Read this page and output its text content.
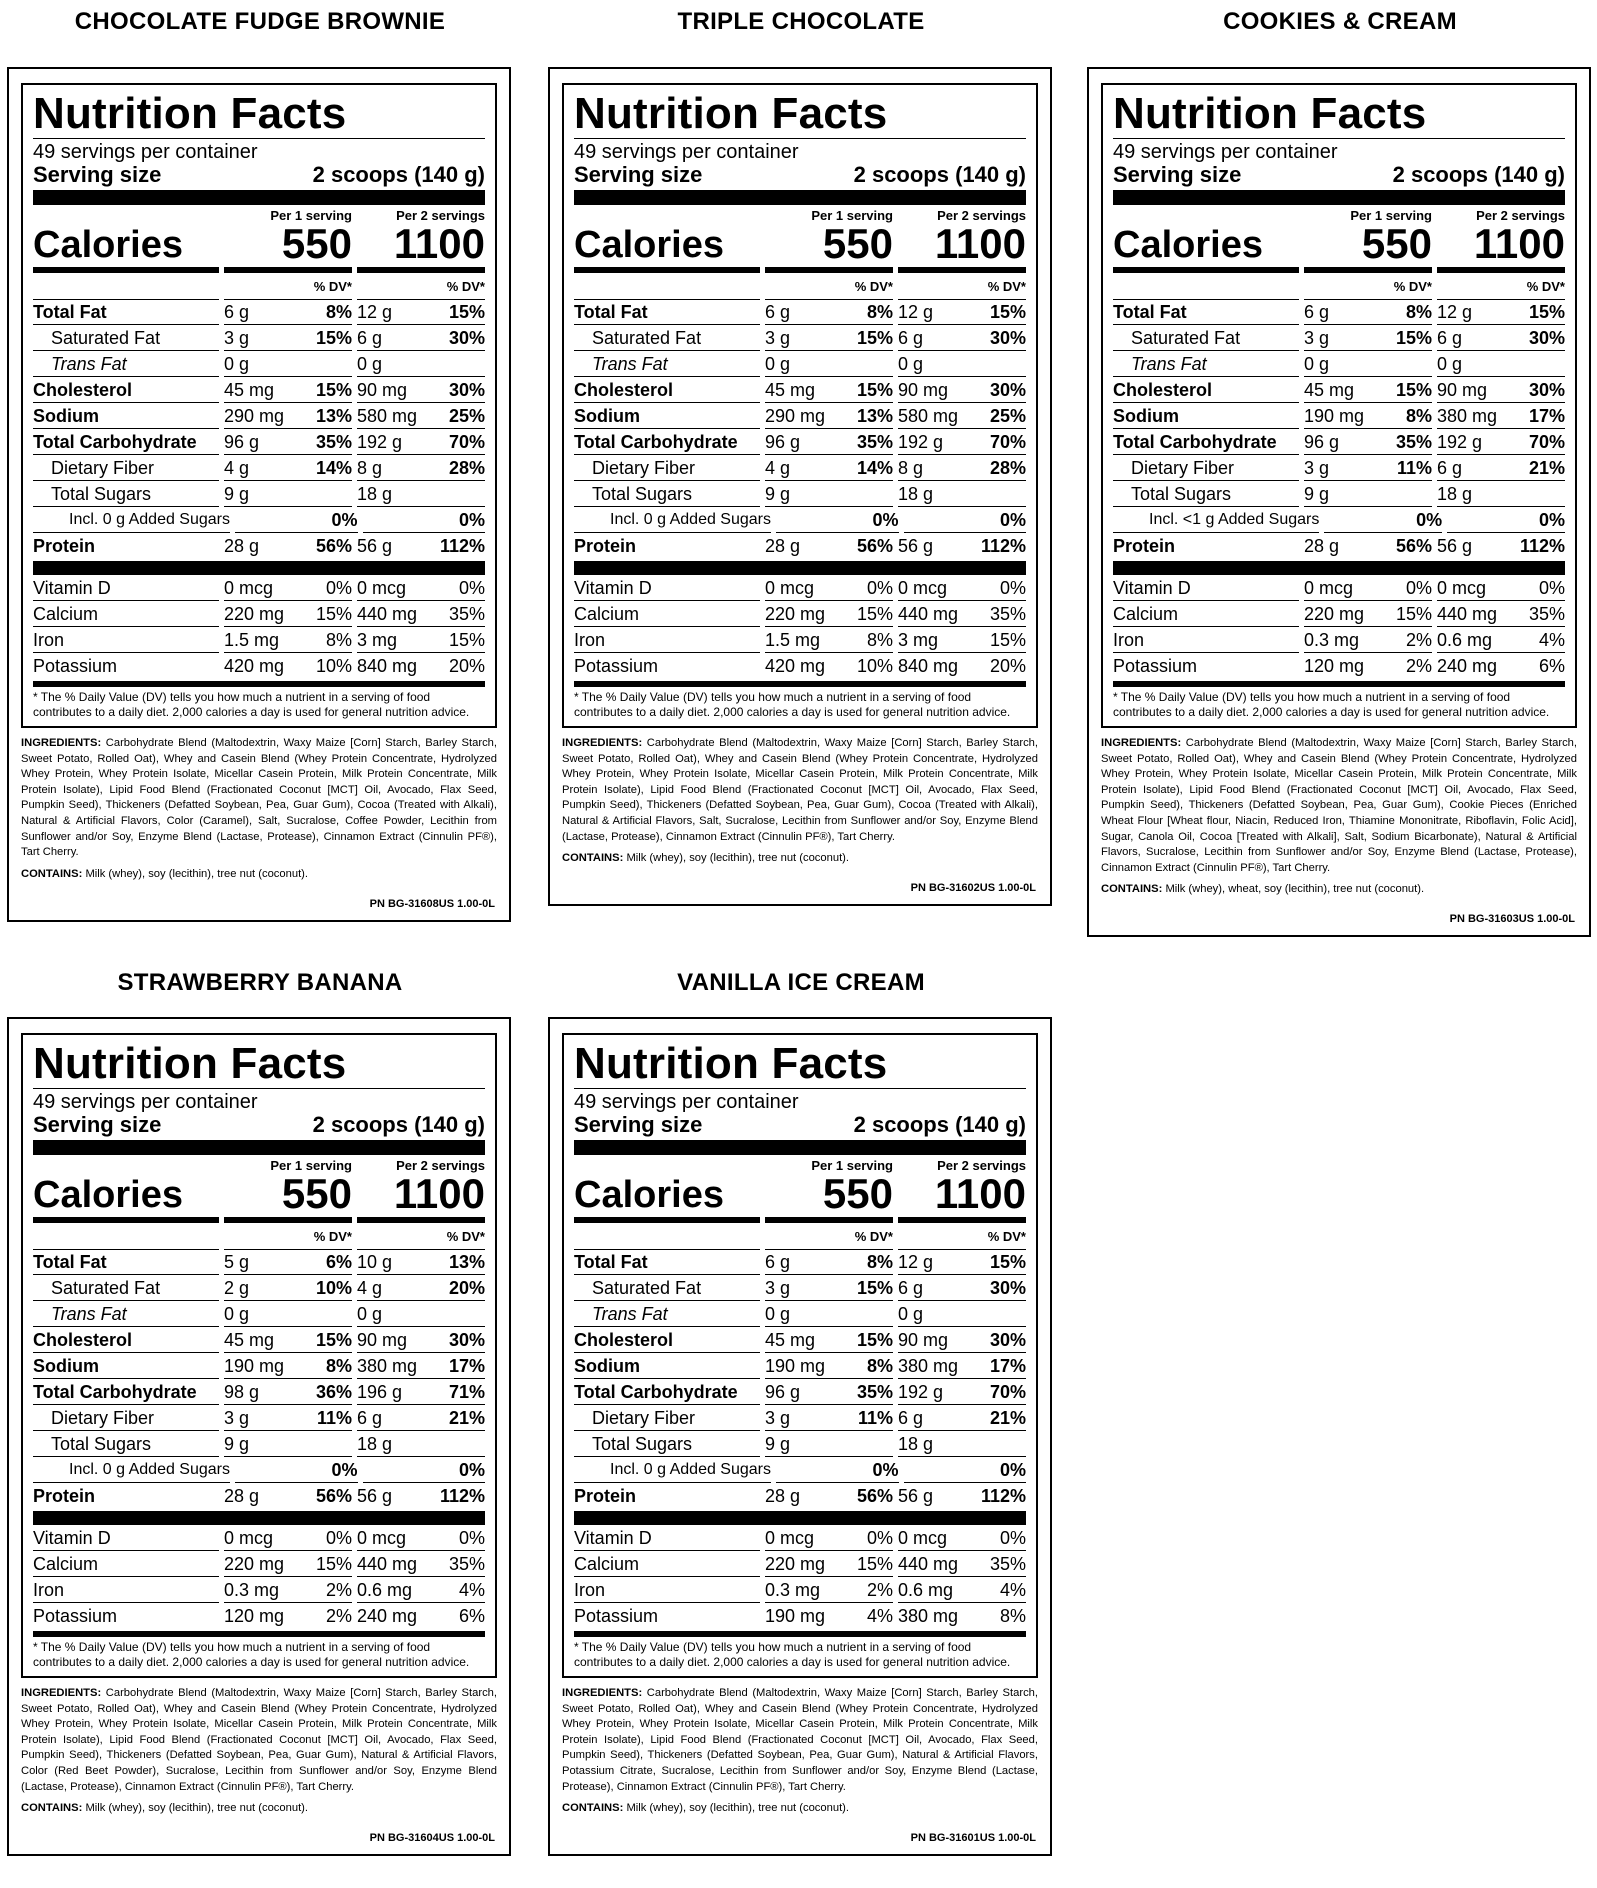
CHOCOLATE FUDGE BROWNIE
Nutrition Facts
49 servings per container
Serving size	2 scoops (140 g)
Per 1 serving	Per 2 servings
Calories	550 1100
% DV*	% DV*
Total Fat	6 g	8% 12 g	15%
Saturated Fat	3 g	15% 6 g	30%
Trans Fat	0 g	0 g
Cholesterol	45 mg 15% 90 mg 30%
Sodium	290 mg 13% 580 mg 25%
Total Carbohydrate	96 g	35% 192 g	70%
Dietary Fiber	4 g	14% 8 g	28%
Total Sugars	9 g	18 g
Incl. 0 g Added Sugars	0%	0%
Protein	28 g	56% 56 g	112%
Vitamin D	0 mcg	0% 0 mcg	0%
Calcium	220 mg 15% 440 mg 35%
Iron	1.5 mg	8% 3 mg	15%
Potassium	420 mg 10% 840 mg 20%
* The % Daily Value (DV) tells you how much a nutrient in a serving of food contributes to a daily diet. 2,000 calories a day is used for general nutrition advice.
INGREDIENTS: Carbohydrate Blend (Maltodextrin, Waxy Maize [Corn] Starch, Barley Starch, Sweet Potato, Rolled Oat), Whey and Casein Blend (Whey Protein Concentrate, Hydrolyzed Whey Protein, Whey Protein Isolate, Micellar Casein Protein, Milk Protein Concentrate, Milk Protein Isolate), Lipid Food Blend (Fractionated Coconut [MCT] Oil, Avocado, Flax Seed, Pumpkin Seed), Thickeners (Defatted Soybean, Pea, Guar Gum), Cocoa (Treated with Alkali), Natural & Artificial Flavors, Color (Caramel), Salt, Sucralose, Coffee Powder, Lecithin from Sunflower and/or Soy, Enzyme Blend (Lactase, Protease), Cinnamon Extract (Cinnulin PF®), Tart Cherry.
CONTAINS: Milk (whey), soy (lecithin), tree nut (coconut).
PN BG-31608US 1.00-0L
TRIPLE CHOCOLATE
Nutrition Facts
49 servings per container
Serving size	2 scoops (140 g)
Per 1 serving	Per 2 servings
Calories	550 1100
% DV*	% DV*
Total Fat	6 g	8% 12 g	15%
Saturated Fat	3 g	15% 6 g	30%
Trans Fat	0 g	0 g
Cholesterol	45 mg 15% 90 mg 30%
Sodium	290 mg 13% 580 mg 25%
Total Carbohydrate	96 g	35% 192 g	70%
Dietary Fiber	4 g	14% 8 g	28%
Total Sugars	9 g	18 g
Incl. 0 g Added Sugars	0%	0%
Protein	28 g	56% 56 g	112%
Vitamin D	0 mcg	0% 0 mcg	0%
Calcium	220 mg 15% 440 mg 35%
Iron	1.5 mg	8% 3 mg	15%
Potassium	420 mg 10% 840 mg 20%
* The % Daily Value (DV) tells you how much a nutrient in a serving of food contributes to a daily diet. 2,000 calories a day is used for general nutrition advice.
INGREDIENTS: Carbohydrate Blend (Maltodextrin, Waxy Maize [Corn] Starch, Barley Starch, Sweet Potato, Rolled Oat), Whey and Casein Blend (Whey Protein Concentrate, Hydrolyzed Whey Protein, Whey Protein Isolate, Micellar Casein Protein, Milk Protein Concentrate, Milk Protein Isolate), Lipid Food Blend (Fractionated Coconut [MCT] Oil, Avocado, Flax Seed, Pumpkin Seed), Thickeners (Defatted Soybean, Pea, Guar Gum), Cocoa (Treated with Alkali), Natural & Artificial Flavors, Salt, Sucralose, Lecithin from Sunflower and/or Soy, Enzyme Blend (Lactase, Protease), Cinnamon Extract (Cinnulin PF®), Tart Cherry.
CONTAINS: Milk (whey), soy (lecithin), tree nut (coconut).
PN BG-31602US 1.00-0L
COOKIES & CREAM
Nutrition Facts
49 servings per container
Serving size	2 scoops (140 g)
Per 1 serving	Per 2 servings
Calories	550 1100
% DV*	% DV*
Total Fat	6 g	8% 12 g	15%
Saturated Fat	3 g	15% 6 g	30%
Trans Fat	0 g	0 g
Cholesterol	45 mg 15% 90 mg 30%
Sodium	190 mg 8% 380 mg 17%
Total Carbohydrate	96 g	35% 192 g	70%
Dietary Fiber	3 g	11% 6 g	21%
Total Sugars	9 g	18 g
Incl. <1 g Added Sugars	0%	0%
Protein	28 g	56% 56 g	112%
Vitamin D	0 mcg	0% 0 mcg	0%
Calcium	220 mg 15% 440 mg 35%
Iron	0.3 mg	2% 0.6 mg	4%
Potassium	120 mg 2% 240 mg 6%
* The % Daily Value (DV) tells you how much a nutrient in a serving of food contributes to a daily diet. 2,000 calories a day is used for general nutrition advice.
INGREDIENTS: Carbohydrate Blend (Maltodextrin, Waxy Maize [Corn] Starch, Barley Starch, Sweet Potato, Rolled Oat), Whey and Casein Blend (Whey Protein Concentrate, Hydrolyzed Whey Protein, Whey Protein Isolate, Micellar Casein Protein, Milk Protein Concentrate, Milk Protein Isolate), Lipid Food Blend (Fractionated Coconut [MCT] Oil, Avocado, Flax Seed, Pumpkin Seed), Thickeners (Defatted Soybean, Pea, Guar Gum), Cookie Pieces (Enriched Wheat Flour [Wheat flour, Niacin, Reduced Iron, Thiamine Mononitrate, Riboflavin, Folic Acid], Sugar, Canola Oil, Cocoa [Treated with Alkali], Salt, Sodium Bicarbonate), Natural & Artificial Flavors, Sucralose, Lecithin from Sunflower and/or Soy, Enzyme Blend (Lactase, Protease), Cinnamon Extract (Cinnulin PF®), Tart Cherry.
CONTAINS: Milk (whey), wheat, soy (lecithin), tree nut (coconut).
PN BG-31603US 1.00-0L
STRAWBERRY BANANA
Nutrition Facts
49 servings per container
Serving size	2 scoops (140 g)
Per 1 serving	Per 2 servings
Calories	550 1100
% DV*	% DV*
Total Fat	5 g	6% 10 g	13%
Saturated Fat	2 g	10% 4 g	20%
Trans Fat	0 g	0 g
Cholesterol	45 mg 15% 90 mg 30%
Sodium	190 mg 8% 380 mg 17%
Total Carbohydrate	98 g	36% 196 g	71%
Dietary Fiber	3 g	11% 6 g	21%
Total Sugars	9 g	18 g
Incl. 0 g Added Sugars	0%	0%
Protein	28 g	56% 56 g	112%
Vitamin D	0 mcg	0% 0 mcg	0%
Calcium	220 mg 15% 440 mg 35%
Iron	0.3 mg	2% 0.6 mg	4%
Potassium	120 mg 2% 240 mg 6%
* The % Daily Value (DV) tells you how much a nutrient in a serving of food contributes to a daily diet. 2,000 calories a day is used for general nutrition advice.
INGREDIENTS: Carbohydrate Blend (Maltodextrin, Waxy Maize [Corn] Starch, Barley Starch, Sweet Potato, Rolled Oat), Whey and Casein Blend (Whey Protein Concentrate, Hydrolyzed Whey Protein, Whey Protein Isolate, Micellar Casein Protein, Milk Protein Concentrate, Milk Protein Isolate), Lipid Food Blend (Fractionated Coconut [MCT] Oil, Avocado, Flax Seed, Pumpkin Seed), Thickeners (Defatted Soybean, Pea, Guar Gum), Natural & Artificial Flavors, Color (Red Beet Powder), Sucralose, Lecithin from Sunflower and/or Soy, Enzyme Blend (Lactase, Protease), Cinnamon Extract (Cinnulin PF®), Tart Cherry.
CONTAINS: Milk (whey), soy (lecithin), tree nut (coconut).
PN BG-31604US 1.00-0L
VANILLA ICE CREAM
Nutrition Facts
49 servings per container
Serving size	2 scoops (140 g)
Per 1 serving	Per 2 servings
Calories	550 1100
% DV*	% DV*
Total Fat	6 g	8% 12 g	15%
Saturated Fat	3 g	15% 6 g	30%
Trans Fat	0 g	0 g
Cholesterol	45 mg 15% 90 mg 30%
Sodium	190 mg 8% 380 mg 17%
Total Carbohydrate	96 g	35% 192 g	70%
Dietary Fiber	3 g	11% 6 g	21%
Total Sugars	9 g	18 g
Incl. 0 g Added Sugars	0%	0%
Protein	28 g	56% 56 g	112%
Vitamin D	0 mcg	0% 0 mcg	0%
Calcium	220 mg 15% 440 mg 35%
Iron	0.3 mg	2% 0.6 mg	4%
Potassium	190 mg 4% 380 mg 8%
* The % Daily Value (DV) tells you how much a nutrient in a serving of food contributes to a daily diet. 2,000 calories a day is used for general nutrition advice.
INGREDIENTS: Carbohydrate Blend (Maltodextrin, Waxy Maize [Corn] Starch, Barley Starch, Sweet Potato, Rolled Oat), Whey and Casein Blend (Whey Protein Concentrate, Hydrolyzed Whey Protein, Whey Protein Isolate, Micellar Casein Protein, Milk Protein Concentrate, Milk Protein Isolate), Lipid Food Blend (Fractionated Coconut [MCT] Oil, Avocado, Flax Seed, Pumpkin Seed), Thickeners (Defatted Soybean, Pea, Guar Gum), Natural & Artificial Flavors, Potassium Citrate, Sucralose, Lecithin from Sunflower and/or Soy, Enzyme Blend (Lactase, Protease), Cinnamon Extract (Cinnulin PF®), Tart Cherry.
CONTAINS: Milk (whey), soy (lecithin), tree nut (coconut).
PN BG-31601US 1.00-0L
